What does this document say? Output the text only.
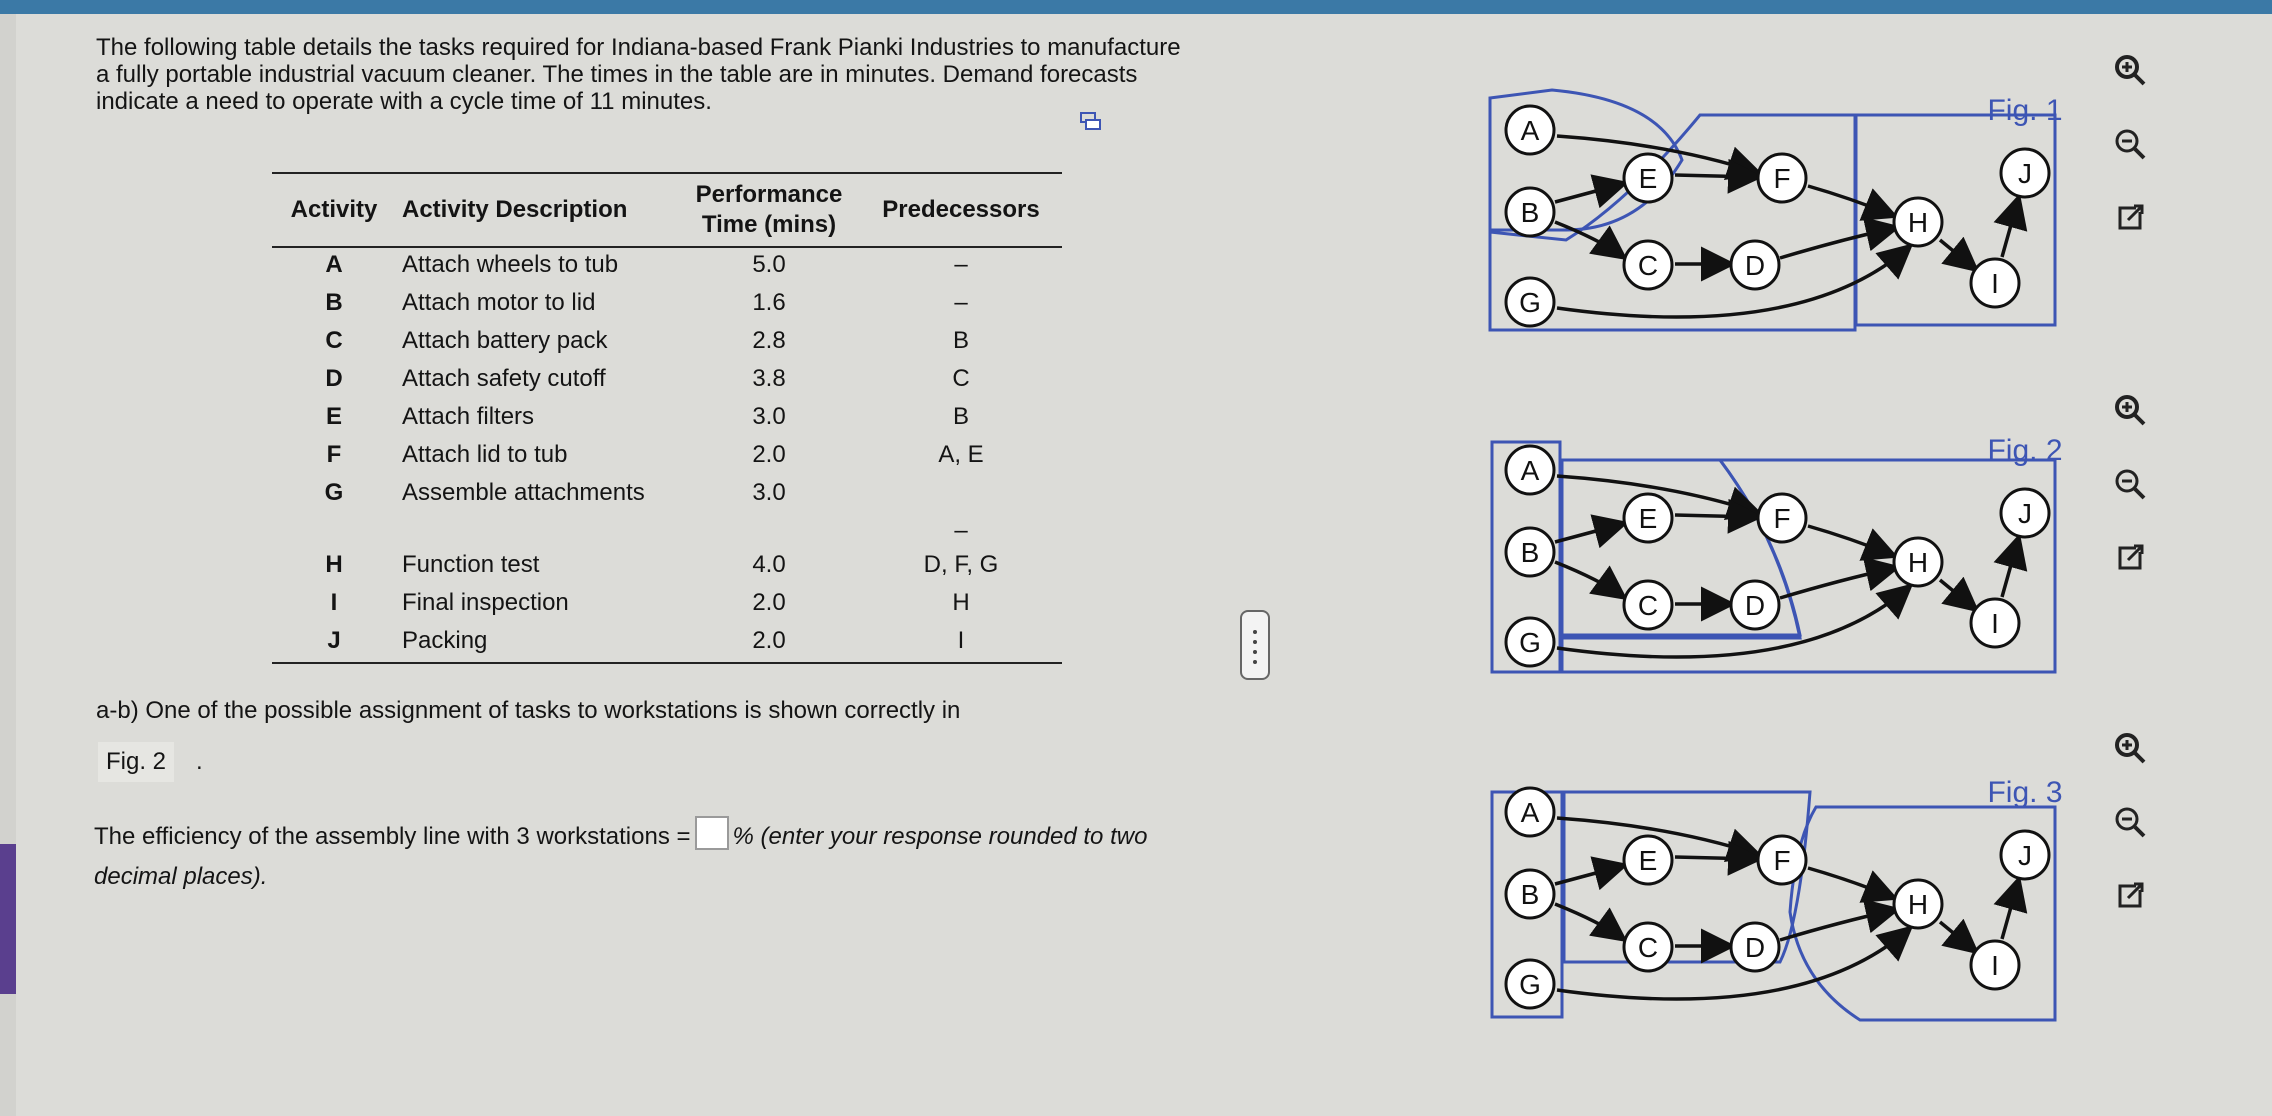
The following table details the tasks required for Indiana-based Frank Pianki Industries to manufacture a fully portable industrial vacuum cleaner. The times in the table are in minutes. Demand forecasts indicate a need to operate with a cycle time of 11 minutes.

Activity	Activity Description	Performance Time (mins)	Predecessors
A	Attach wheels to tub	5.0	–
B	Attach motor to lid	1.6	–
C	Attach battery pack	2.8	B
D	Attach safety cutoff	3.8	C
E	Attach filters	3.0	B
F	Attach lid to tub	2.0	A, E
G	Assemble attachments	3.0	–
H	Function test	4.0	D, F, G
I	Final inspection	2.0	H
J	Packing	2.0	I
a-b) One of the possible assignment of tasks to workstations is shown correctly in
Fig. 2	.
The efficiency of the assembly line with 3 workstations = % (enter your response rounded to two decimal places).
A
B
C	D
E	F
G
H
I
J
Fig. 1
A
B
C	D
E	F
G
H
I
J
Fig. 2
A
B
C	D
E	F
G
H
I
J
Fig. 3
